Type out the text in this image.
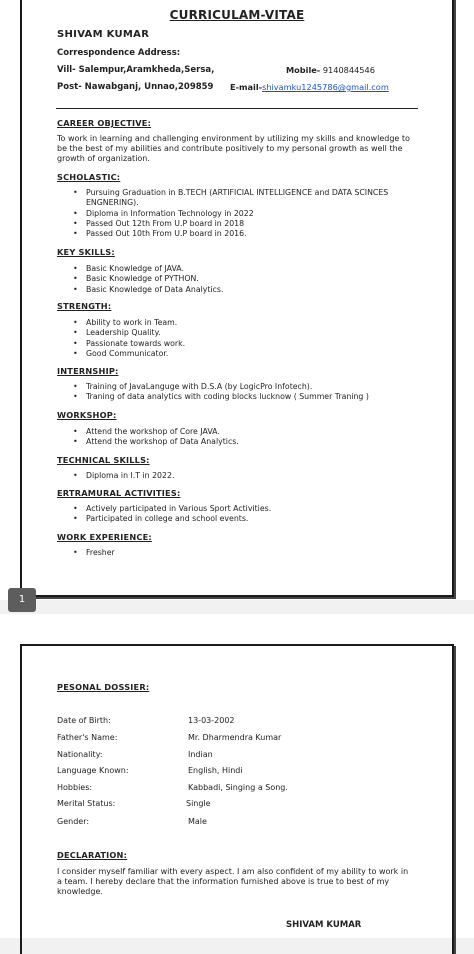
CURRICULAM-VITAE
SHIVAM KUMAR
Correspondence Address:
Vill- Salempur,Aramkheda,Sersa,
Post- Nawabganj, Unnao,209859
Mobile- 9140844546
E-mail-shivamku1245786@gmail.com
CAREER OBJECTIVE:
To work in learning and challenging environment by utilizing my skills and knowledge to be the best of my abilities and contribute positively to my personal growth as well the growth of organization.
SCHOLASTIC:
• Pursuing Graduation in B.TECH (ARTIFICIAL INTELLIGENCE and DATA SCINCES ENGNERING).
• Diploma in Information Technology in 2022
• Passed Out 12th From U.P board in 2018
• Passed Out 10th From U.P board in 2016.
KEY SKILLS:
• Basic Knowledge of JAVA.
• Basic Knowledge of PYTHON.
• Basic Knowledge of Data Analytics.
STRENGTH:
• Ability to work in Team.
• Leadership Quality.
• Passionate towards work.
• Good Communicator.
INTERNSHIP:
• Training of JavaLanguge with D.S.A (by LogicPro Infotech).
• Traning of data analytics with coding blocks lucknow ( Summer Traning )
WORKSHOP:
• Attend the workshop of Core JAVA.
• Attend the workshop of Data Analytics.
TECHNICAL SKILLS:
• Diploma in I.T in 2022.
ERTRAMURAL ACTIVITIES:
• Actively participated in Various Sport Activities.
• Participated in college and school events.
WORK EXPERIENCE:
• Fresher
1
PESONAL DOSSIER:
Date of Birth:	13-03-2002
Father's Name:	Mr. Dharmendra Kumar
Nationality:	Indian
Language Known:	English, Hindi
Hobbies:	Kabbadi, Singing a Song.
Merital Status:	Single
Gender:	Male
DECLARATION:
I consider myself familiar with every aspect. I am also confident of my ability to work in a team. I hereby declare that the information furnished above is true to best of my knowledge.
SHIVAM KUMAR
